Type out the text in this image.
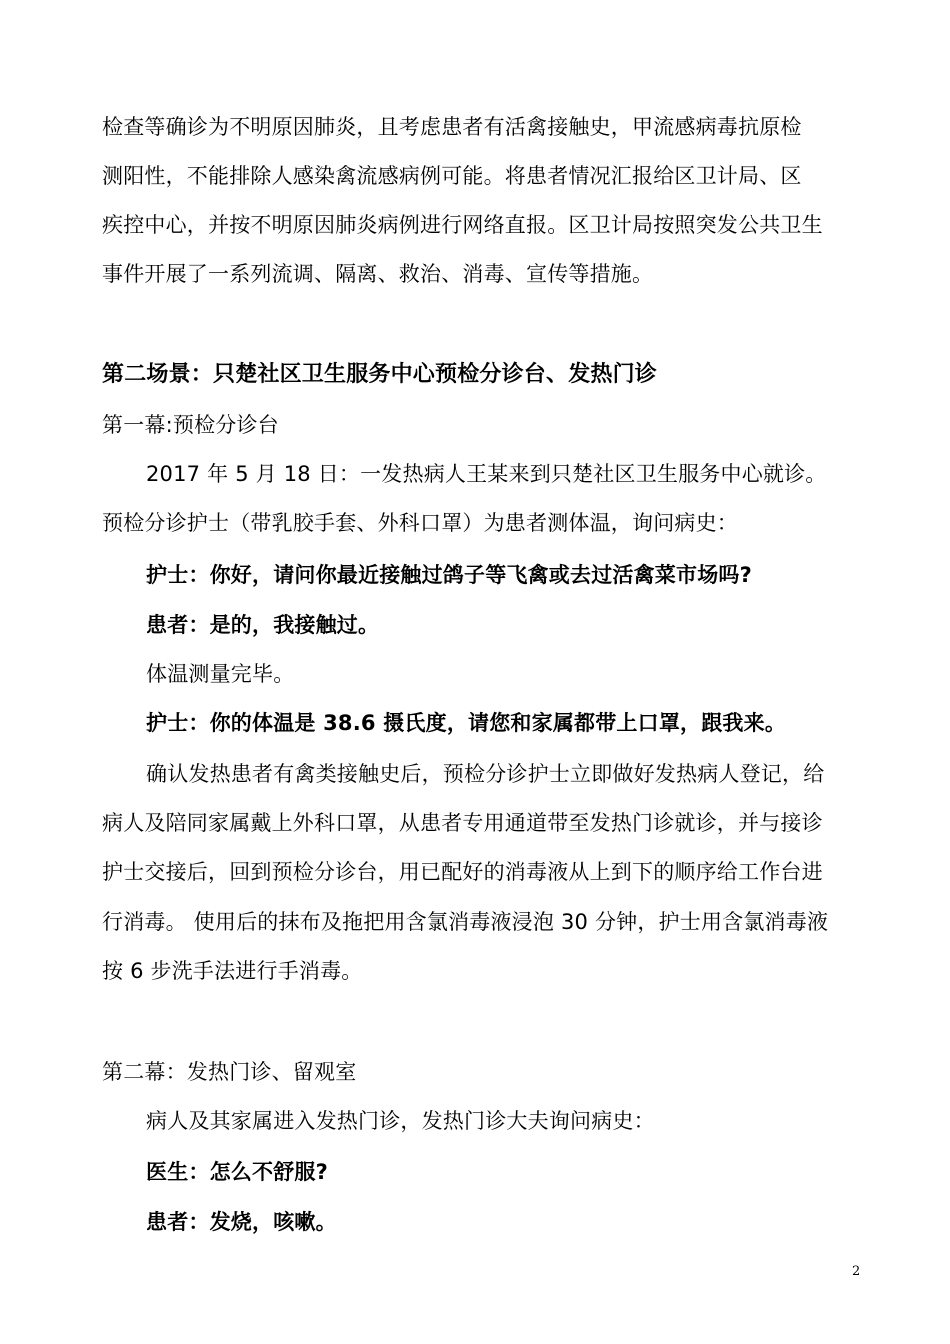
检查等确诊为不明原因肺炎，且考虑患者有活禽接触史，甲流感病毒抗原检
测阳性，不能排除人感染禽流感病例可能。将患者情况汇报给区卫计局、区
疾控中心，并按不明原因肺炎病例进行网络直报。区卫计局按照突发公共卫生
事件开展了一系列流调、隔离、救治、消毒、宣传等措施。
第二场景：只楚社区卫生服务中心预检分诊台、发热门诊
第一幕:预检分诊台
2017 年 5 月 18 日：一发热病人王某来到只楚社区卫生服务中心就诊。
预检分诊护士（带乳胶手套、外科口罩）为患者测体温，询问病史：
护士：你好，请问你最近接触过鸽子等飞禽或去过活禽菜市场吗?
患者：是的，我接触过。
体温测量完毕。
护士：你的体温是 38.6 摄氏度，请您和家属都带上口罩，跟我来。
确认发热患者有禽类接触史后，预检分诊护士立即做好发热病人登记，给
病人及陪同家属戴上外科口罩，从患者专用通道带至发热门诊就诊，并与接诊
护士交接后，回到预检分诊台，用已配好的消毒液从上到下的顺序给工作台进
行消毒。 使用后的抹布及拖把用含氯消毒液浸泡 30 分钟，护士用含氯消毒液
按 6 步洗手法进行手消毒。
第二幕：发热门诊、留观室
病人及其家属进入发热门诊，发热门诊大夫询问病史：
医生：怎么不舒服?
患者：发烧，咳嗽。
2
